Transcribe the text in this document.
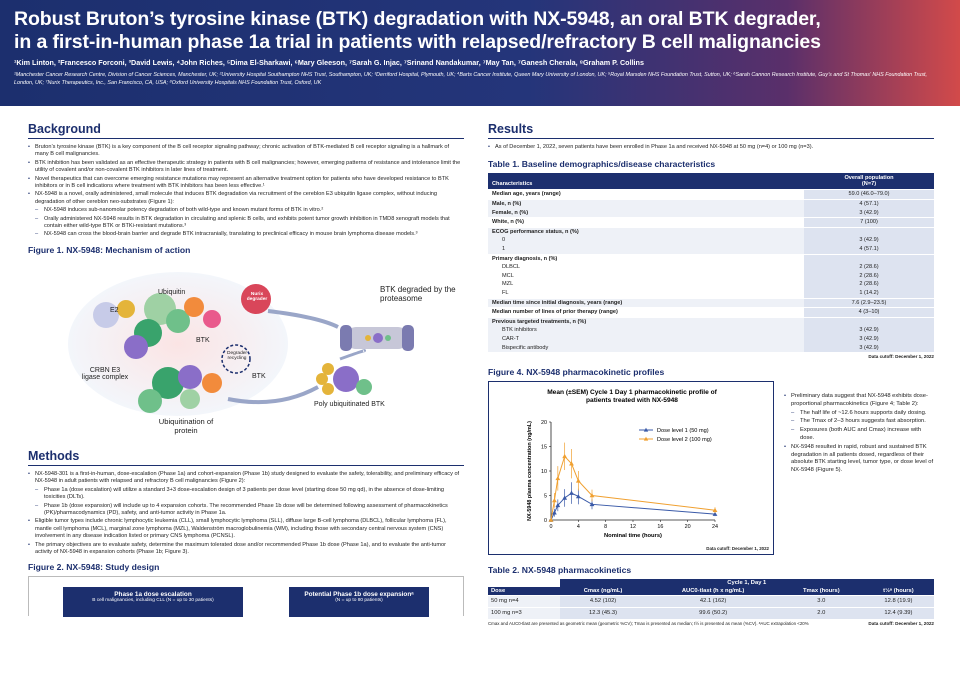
Robust Bruton’s tyrosine kinase (BTK) degradation with NX-5948, an oral BTK degrader,
in a first-in-human phase 1a trial in patients with relapsed/refractory B cell malignancies
¹Kim Linton, ²Francesco Forconi, ³David Lewis, ⁴John Riches, ⁵Dima El-Sharkawi, ⁶Mary Gleeson, ⁷Sarah G. Injac, ⁷Srinand Nandakumar, ⁷May Tan, ⁷Ganesh Cherala, ⁸Graham P. Collins
¹Manchester Cancer Research Centre, Division of Cancer Sciences, Manchester, UK; ²University Hospital Southampton NHS Trust, Southampton, UK; ³Derriford Hospital, Plymouth, UK; ⁴Barts Cancer Institute, Queen Mary University of London, UK; ⁵Royal Marsden NHS Foundation Trust, Sutton, UK; ⁶Sarah Cannon Research Institute, Guy’s and St Thomas’ NHS Foundation Trust, London, UK; ⁷Nurix Therapeutics, Inc., San Francisco, CA, USA; ⁸Oxford University Hospitals NHS Foundation Trust, Oxford, UK
Background
• Bruton’s tyrosine kinase (BTK) is a key component of the B cell receptor signaling pathway; chronic activation of BTK-mediated B cell receptor signaling is a hallmark of many B cell malignancies.
• BTK inhibition has been validated as an effective therapeutic strategy in patients with B cell malignancies; however, emerging patterns of resistance and intolerance limit the utility of covalent and/or non-covalent BTK inhibitors in later lines of treatment.
• Novel therapeutics that can overcome emerging resistance mutations may represent an alternative treatment option for patients who have developed resistance to BTK inhibitors or in B cell indications where treatment with BTK inhibitors has been less effective.¹
• NX-5948 is a novel, orally administered, small molecule that induces BTK degradation via recruitment of the cereblon E3 ubiquitin ligase complex, without inducing degradation of other cereblon neo-substrates (Figure 1):
– NX-5948 induces sub-nanomolar potency degradation of both wild-type and known mutant forms of BTK in vitro.²
– Orally administered NX-5948 results in BTK degradation in circulating and splenic B cells, and exhibits potent tumor growth inhibition in TMD8 xenograft models that contain either wild-type BTK or BTKi-resistant mutations.³
– NX-5948 can cross the blood-brain barrier and degrade BTK intracranially, translating to preclinical efficacy in mouse brain lymphoma disease models.³
Figure 1. NX-5948: Mechanism of action
E2
Ubiquitin
BTK
Nurix degrader
BTK degraded by the proteasome
CRBN E3 ligase complex
Degrader recycling
BTK
Poly ubiquitinated BTK
Ubiquitination of protein
Methods
• NX-5948-301 is a first-in-human, dose-escalation (Phase 1a) and cohort-expansion (Phase 1b) study designed to evaluate the safety, tolerability, and preliminary efficacy of NX-5948 in adult patients with relapsed and refractory B cell malignancies (Figure 2):
– Phase 1a (dose escalation) will utilize a standard 3+3 dose-escalation design of 3 patients per dose level (starting dose 50 mg qd), in the absence of dose-limiting toxicities (DLTs).
– Phase 1b (dose expansion) will include up to 4 expansion cohorts. The recommended Phase 1b dose will be determined following assessment of pharmacokinetics (PK)/pharmacodynamics (PD), safety, and anti-tumor activity in Phase 1a.
• Eligible tumor types include chronic lymphocytic leukemia (CLL), small lymphocytic lymphoma (SLL), diffuse large B-cell lymphoma (DLBCL), follicular lymphoma (FL), mantle cell lymphoma (MCL), marginal zone lymphoma (MZL), Waldenström macroglobulinemia (WM), including those with secondary central nervous system (CNS) involvement in any disease indication listed or primary CNS lymphoma (PCNSL).
• The primary objectives are to evaluate safety, determine the maximum tolerated dose and/or recommended Phase 1b dose (Phase 1a), and to evaluate the anti-tumor activity of NX-5948 in expansion cohorts (Phase 1b; Figure 3).
Figure 2. NX-5948: Study design
Phase 1a dose escalation
B cell malignancies, including CLL (N = up to 30 patients)
Potential Phase 1b dose expansionᵃ
(N = up to 80 patients)
Results
• As of December 1, 2022, seven patients have been enrolled in Phase 1a and received NX-5948 at 50 mg (n=4) or 100 mg (n=3).
Table 1. Baseline demographics/disease characteristics
Characteristics	Overall population
(N=7)
Median age, years (range)	59.0 (46.0–79.0)
Male, n (%)	4 (57.1)
Female, n (%)	3 (42.9)
White, n (%)	7 (100)
ECOG performance status, n (%)	
0	3 (42.9)
1	4 (57.1)
Primary diagnosis, n (%)	
DLBCL	2 (28.6)
MCL	2 (28.6)
MZL	2 (28.6)
FL	1 (14.2)
Median time since initial diagnosis, years (range)	7.6 (2.9–23.5)
Median number of lines of prior therapy (range)	4 (3–10)
Previous targeted treatments, n (%)	
BTK inhibitors	3 (42.9)
CAR-T	3 (42.9)
Bispecific antibody	3 (42.9)
Data cutoff: December 1, 2022
Figure 4. NX-5948 pharmacokinetic profiles
Mean (±SEM) Cycle 1 Day 1 pharmacokinetic profile of
patients treated with NX-5948
0	4	8	12	16	20	24
0
5
10
15
20
Nominal time (hours)
NX-5948 plasma concentration (ng/mL)	Dose level 1 (50 mg)
Dose level 2 (100 mg)
Data cutoff: December 1, 2022
• Preliminary data suggest that NX-5948 exhibits dose-proportional pharmacokinetics (Figure 4; Table 2):
– The half life of ~12.6 hours supports daily dosing.
– The Tmax of 2–3 hours suggests fast absorption.
– Exposures (both AUC and Cmax) increase with dose.
• NX-5948 resulted in rapid, robust and sustained BTK degradation in all patients dosed, regardless of their absolute BTK starting level, tumor type, or dose level of NX-5948 (Figure 5).
Table 2. NX-5948 pharmacokinetics
	Cycle 1, Day 1			
Dose	Cmax (ng/mL)	AUC0-tlast (h x ng/mL)	Tmax (hours)	t½ᵃ (hours)
50 mg n=4	4.52 (102)	42.1 (162)	3.0	12.8 (19.9)
100 mg n=3	12.3 (45.3)	99.6 (50.2)	2.0	12.4 (9.39)
Cmax and AUC0-tlast are presented as geometric mean (geometric %CV); Tmax is presented as median; t½ is presented as mean (%CV). ᵃAUC extrapolation <20%	Data cutoff: December 1, 2022
